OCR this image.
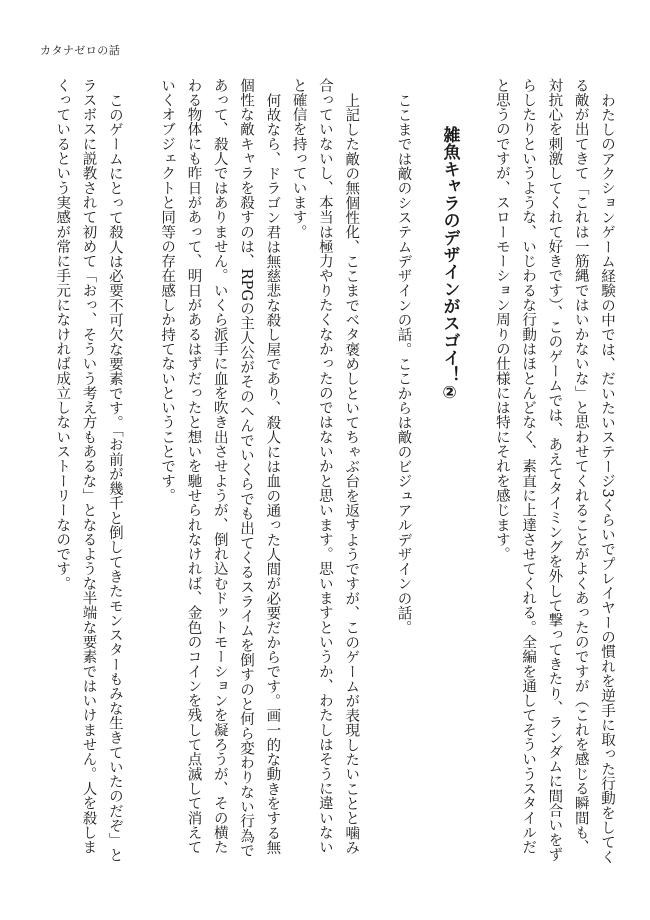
カタナゼロの話

わたしのアクションゲーム経験の中では、だいたいステージ3くらいでプレイヤーの慣れを逆手に取った行動をしてくる敵が出てきて「これは一筋縄ではいかないな」と思わせてくれることがよくあったのですが（これを感じる瞬間も、対抗心を刺激してくれて好きです）、このゲームでは、あえてタイミングを外して撃ってきたり、ランダムに間合いをずらしたりというような、いじわるな行動はほとんどなく、素直に上達させてくれる。全編を通してそういうスタイルだと思うのですが、スローモーション周りの仕様には特にそれを感じます。

雑魚キャラのデザインがスゴイ！②

ここまでは敵のシステムデザインの話。ここからは敵のビジュアルデザインの話。

上記した敵の無個性化、ここまでベタ褒めしといてちゃぶ台を返すようですが、このゲームが表現したいことと噛み合っていないし、本当は極力やりたくなかったのではないかと思います。思いますというか、わたしはそうに違いないと確信を持っています。

何故なら、ドラゴン君は無慈悲な殺し屋であり、殺人には血の通った人間が必要だからです。画一的な動きをする無個性な敵キャラを殺すのは、RPGの主人公がそのへんでいくらでも出てくるスライムを倒すのと何ら変わりない行為であって、殺人ではありません。いくら派手に血を吹き出させようが、倒れ込むドットモーションを凝ろうが、その横たわる物体にも昨日があって、明日があるはずだったと想いを馳せられなければ、金色のコインを残して点滅して消えていくオブジェクトと同等の存在感しか持てないということです。

このゲームにとって殺人は必要不可欠な要素です。「お前が幾千と倒してきたモンスターもみな生きていたのだぞ」とラスボスに説教されて初めて「おっ、そういう考え方もあるな」となるような半端な要素ではいけません。人を殺しまくっているという実感が常に手元になければ成立しないストーリーなのです。
